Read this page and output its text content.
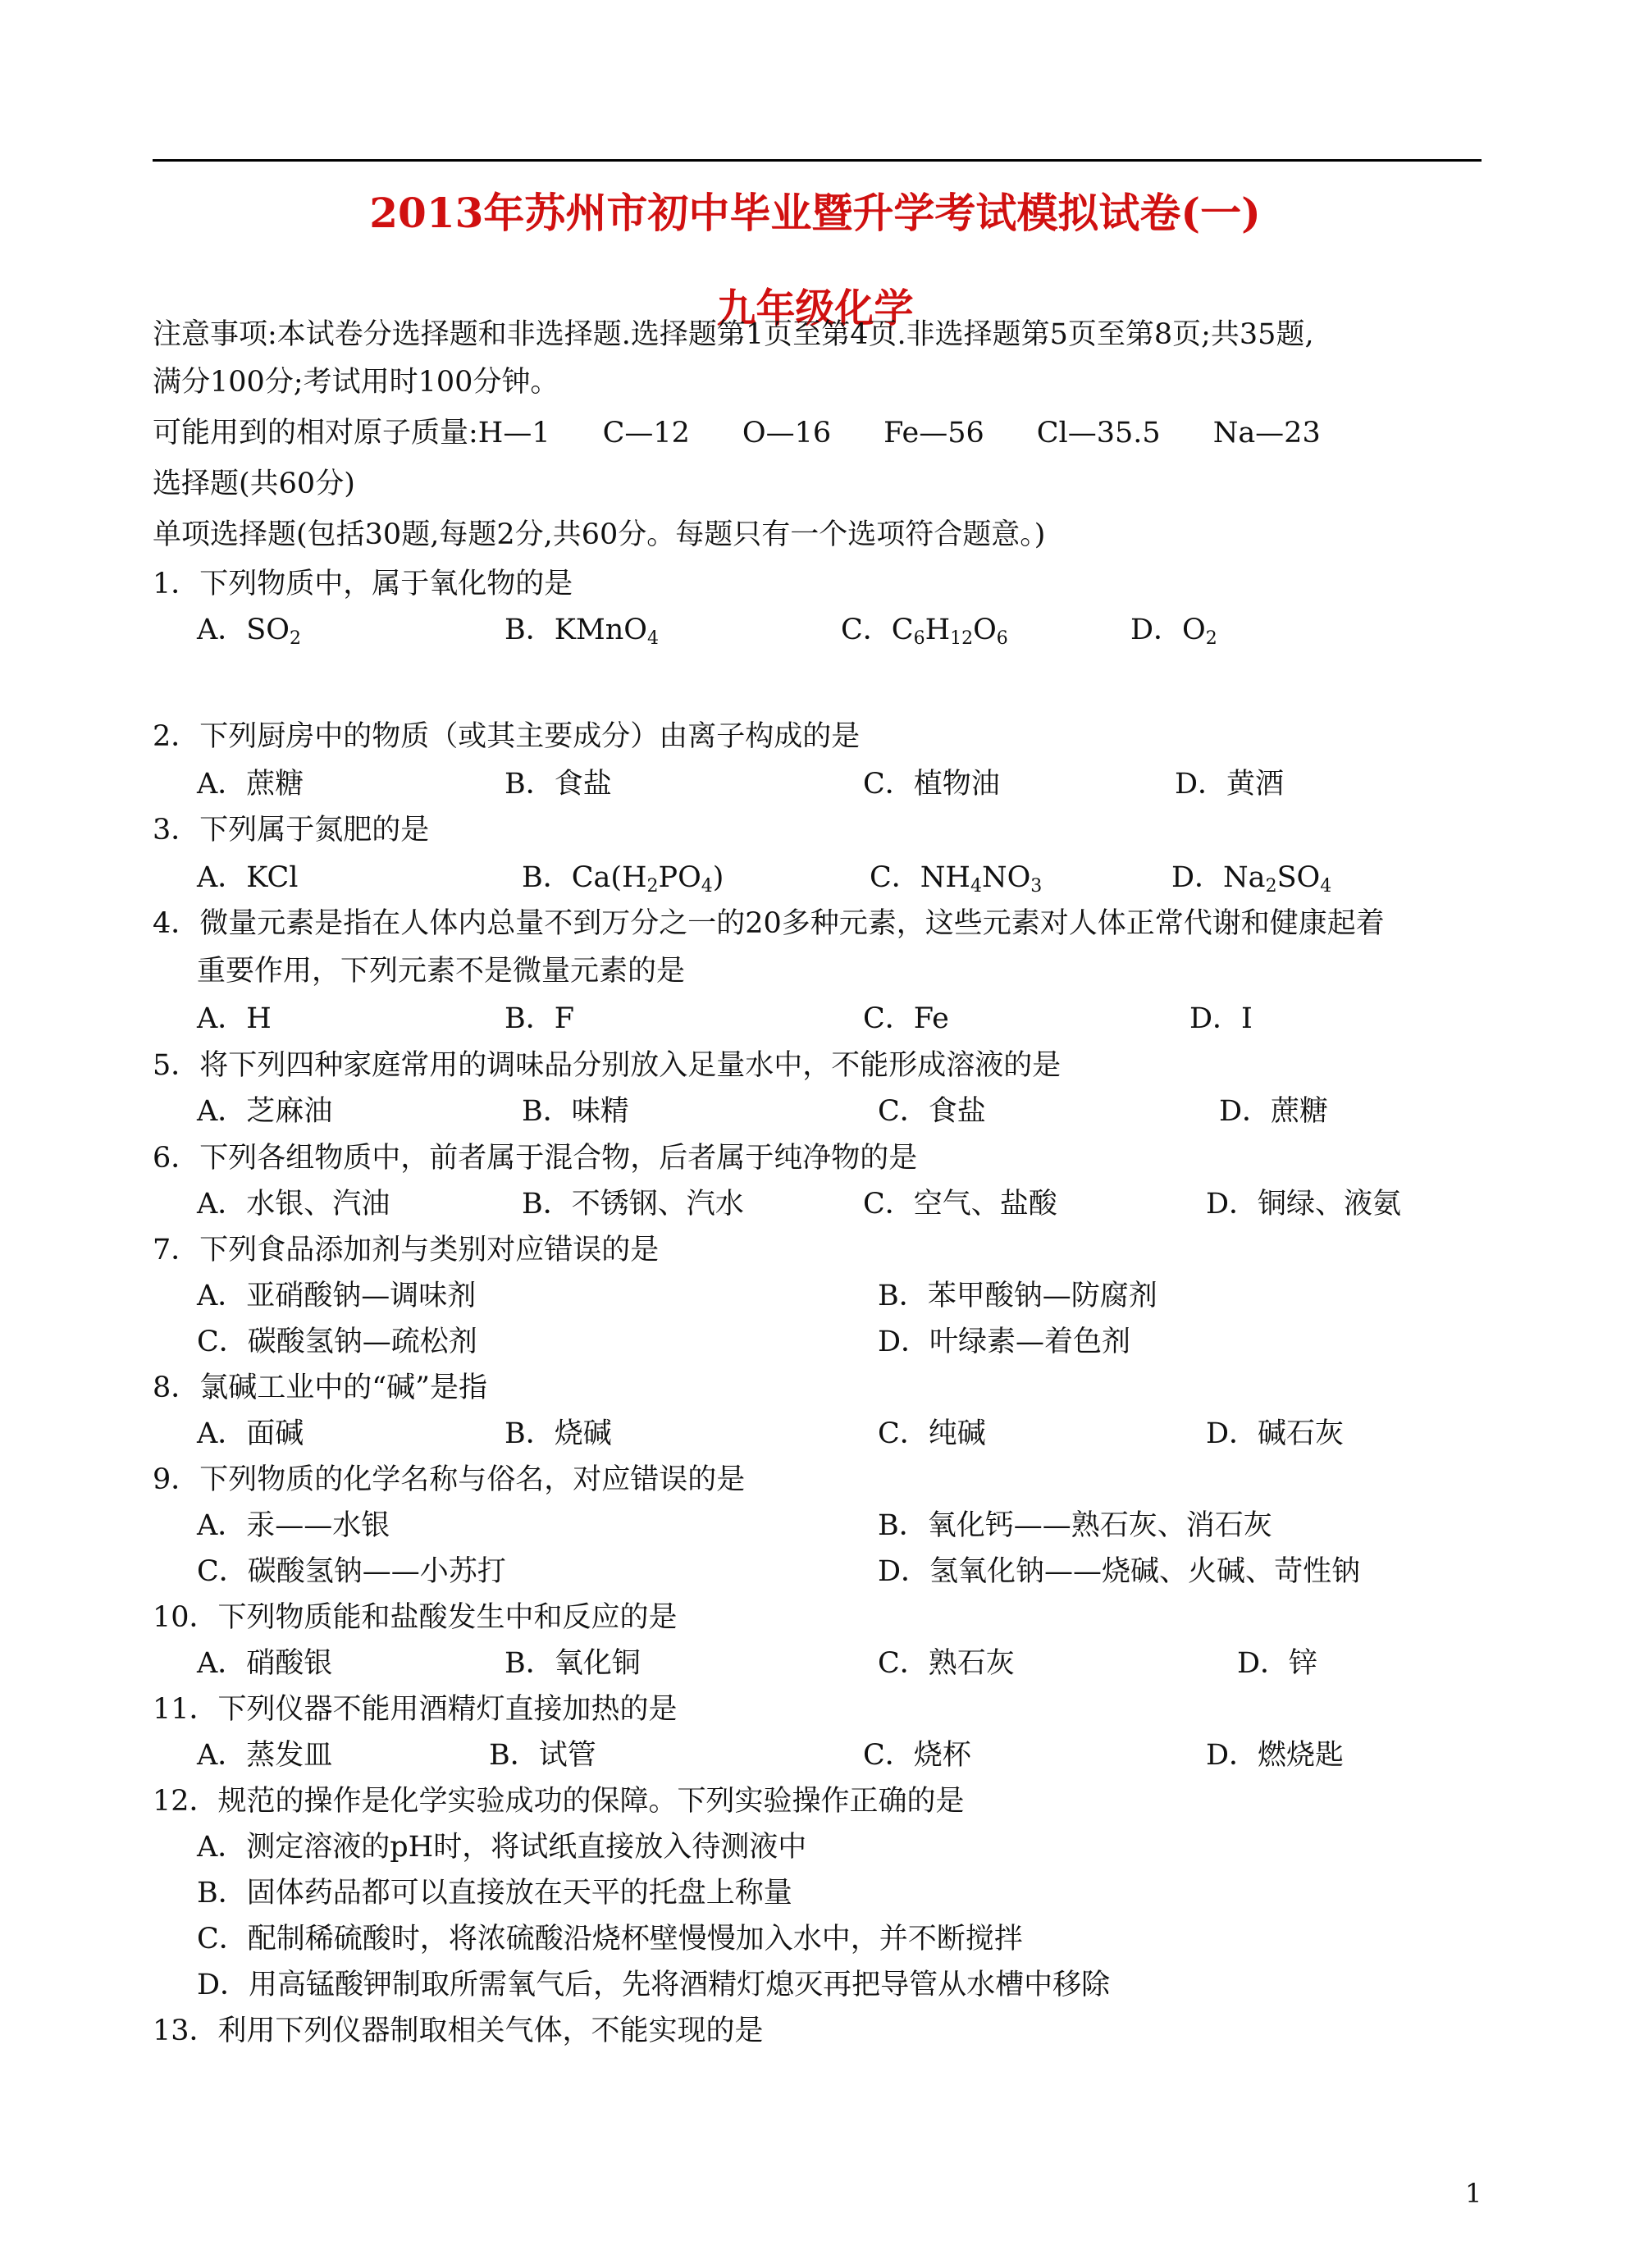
2013年苏州市初中毕业暨升学考试模拟试卷(一)
九年级化学
注意事项:本试卷分选择题和非选择题.选择题第1页至第4页.非选择题第5页至第8页;共35题,
满分100分;考试用时100分钟。
可能用到的相对原子质量:H—1 C—12 O—16 Fe—56 Cl—35.5 Na—23
选择题(共60分)
单项选择题(包括30题,每题2分,共60分。每题只有一个选项符合题意。)
1．下列物质中，属于氧化物的是
A．$SO_2$	B．KMnO$_4$	C．$C_6H_{12}O_6$	D．$O_2$
2．下列厨房中的物质（或其主要成分）由离子构成的是
A．蔗糖	B．食盐	C．植物油	D．黄酒
3．下列属于氮肥的是
A．KCl	B．$Ca(H_2PO_4)$	C．$NH_4NO_3$	D．$Na_2SO_4$
4．微量元素是指在人体内总量不到万分之一的20多种元素，这些元素对人体正常代谢和健康起着
重要作用，下列元素不是微量元素的是
A．H	B．F	C．Fe	D．I
5．将下列四种家庭常用的调味品分别放入足量水中，不能形成溶液的是
A．芝麻油	B．味精	C．食盐	D．蔗糖
6．下列各组物质中，前者属于混合物，后者属于纯净物的是
A．水银、汽油	B．不锈钢、汽水	C．空气、盐酸	D．铜绿、液氨
7．下列食品添加剂与类别对应错误的是
A．亚硝酸钠—调味剂	B．苯甲酸钠—防腐剂
C．碳酸氢钠—疏松剂	D．叶绿素—着色剂
8．氯碱工业中的“碱”是指
A．面碱	B．烧碱	C．纯碱	D．碱石灰
9．下列物质的化学名称与俗名，对应错误的是
A．汞——水银	B．氧化钙——熟石灰、消石灰
C．碳酸氢钠——小苏打	D．氢氧化钠——烧碱、火碱、苛性钠
10．下列物质能和盐酸发生中和反应的是
A．硝酸银	B．氧化铜	C．熟石灰	D．锌
11．下列仪器不能用酒精灯直接加热的是
A．蒸发皿	B．试管	C．烧杯	D．燃烧匙
12．规范的操作是化学实验成功的保障。下列实验操作正确的是
A．测定溶液的pH时，将试纸直接放入待测液中
B．固体药品都可以直接放在天平的托盘上称量
C．配制稀硫酸时，将浓硫酸沿烧杯壁慢慢加入水中，并不断搅拌
D．用高锰酸钾制取所需氧气后，先将酒精灯熄灭再把导管从水槽中移除
13．利用下列仪器制取相关气体，不能实现的是
1
